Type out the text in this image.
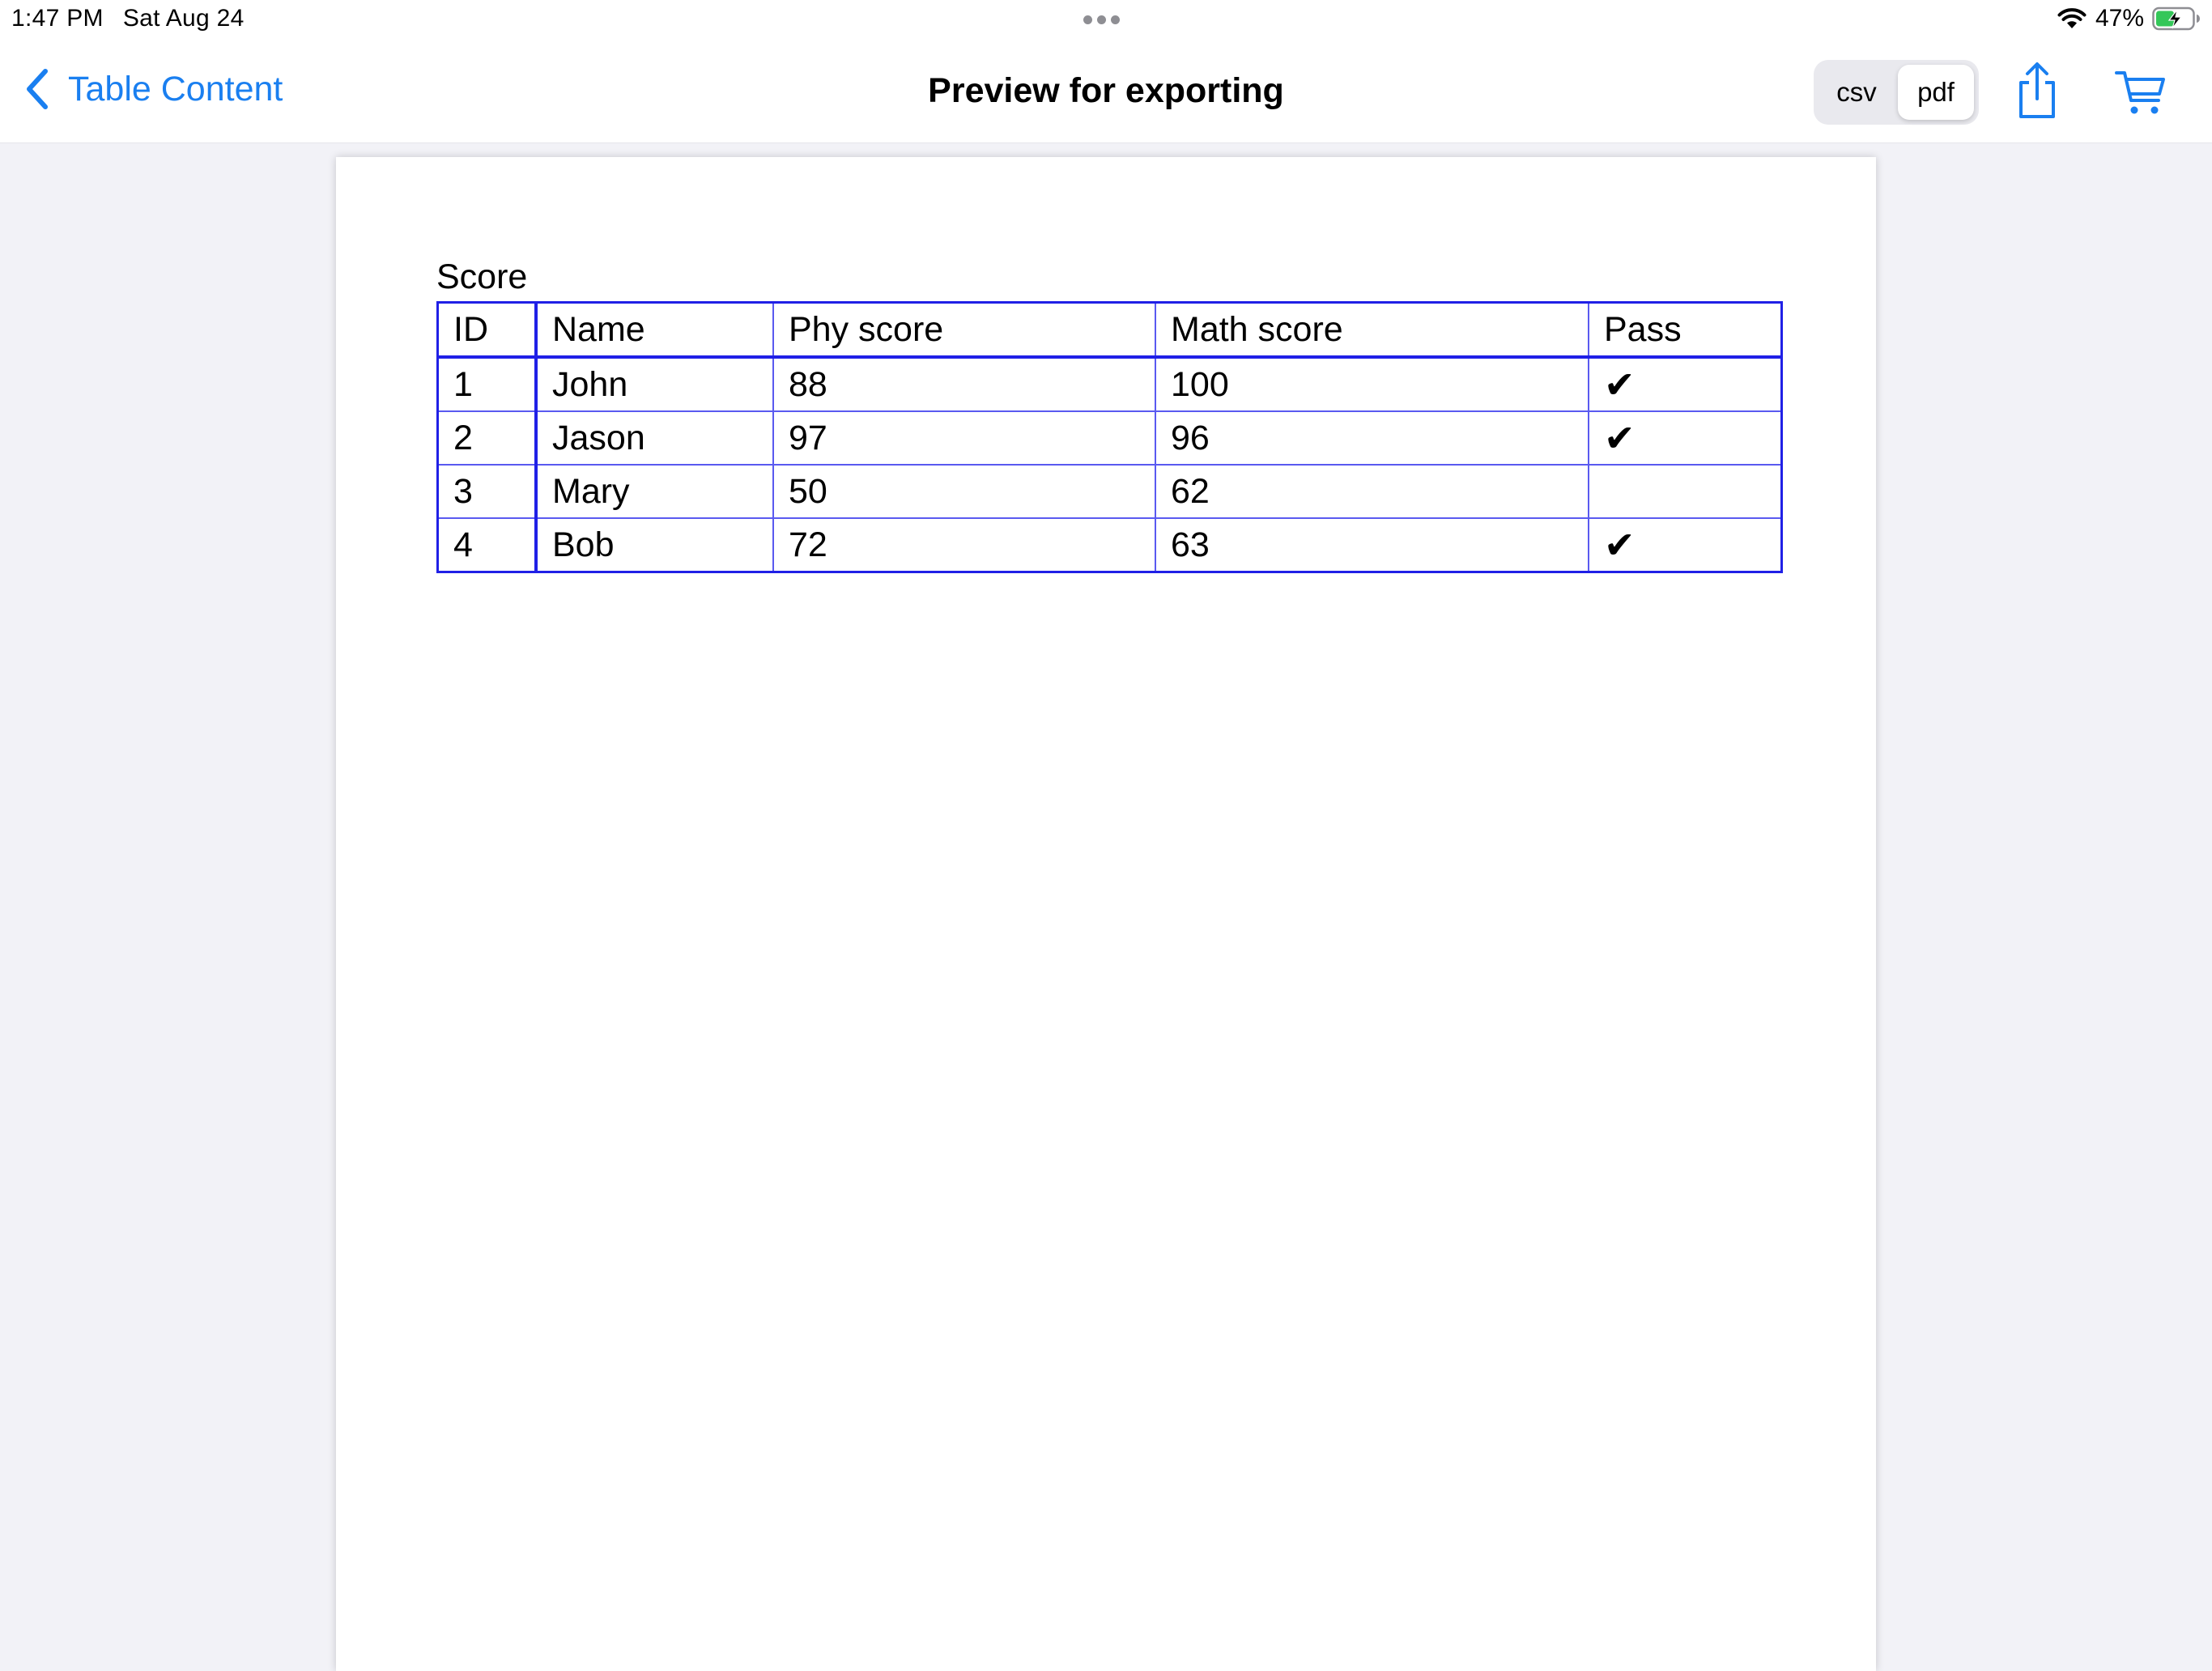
1:47 PM Sat Aug 24	47%
Table Content	Preview for exporting	csv	pdf
Score
ID	Name	Phy score	Math score	Pass
1	John	88	100	✔
2	Jason	97	96	✔
3	Mary	50	62	
4	Bob	72	63	✔
